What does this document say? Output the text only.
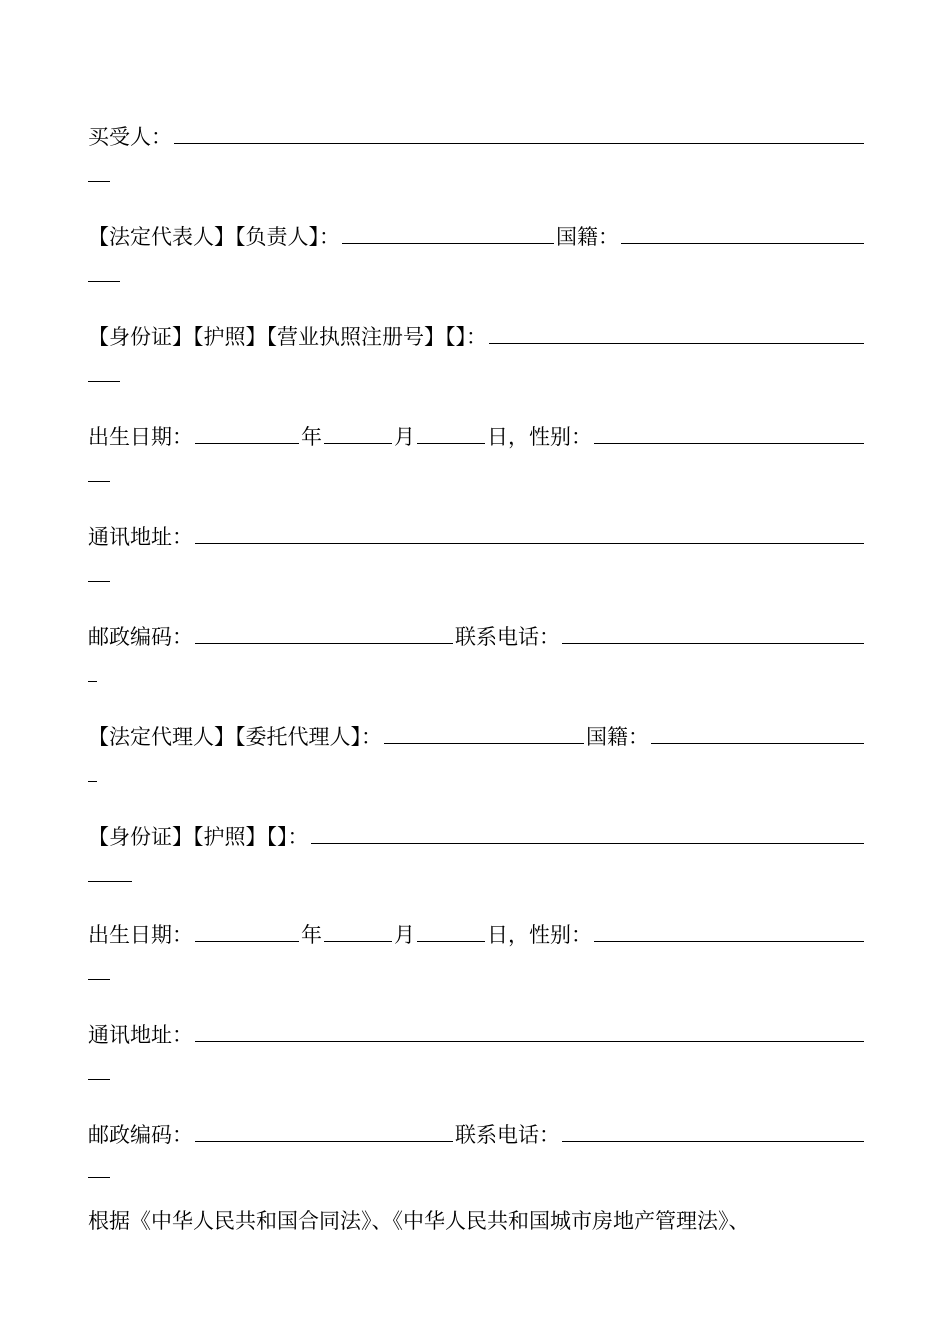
买受人：
【法定代表人】【负责人】：	国籍：
【身份证】【护照】【营业执照注册号】【】：
出生日期：	年	月	日，性别：
通讯地址：
邮政编码：	联系电话：
【法定代理人】【委托代理人】：	国籍：
【身份证】【护照】【】：
出生日期：	年	月	日，性别：
通讯地址：
邮政编码：	联系电话：
根据《中华人民共和国合同法》、《中华人民共和国城市房地产管理法》、
